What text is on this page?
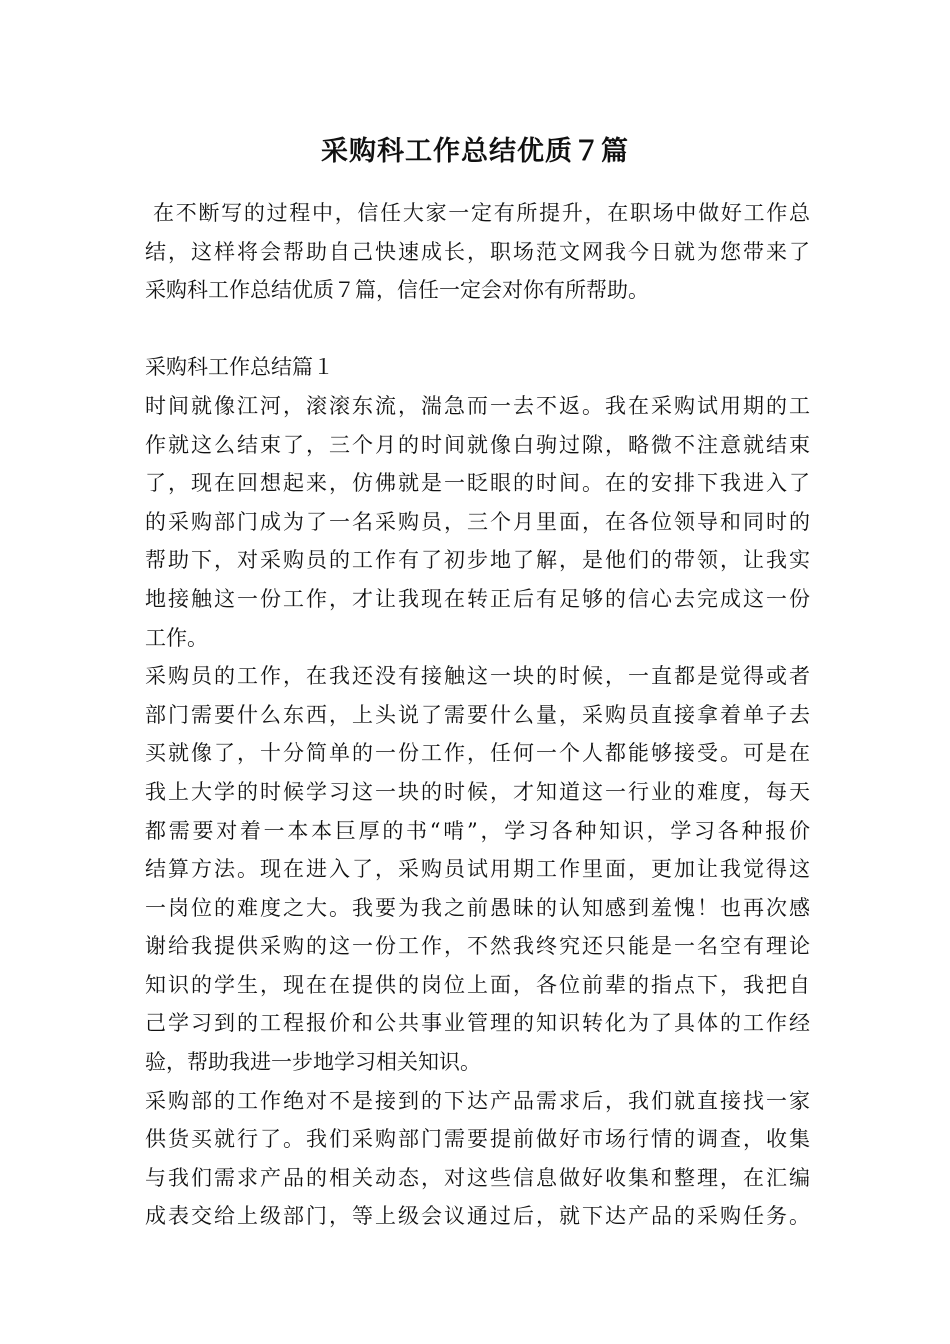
采购科工作总结优质７篇
在不断写的过程中，信任大家一定有所提升，在职场中做好工作总
结，这样将会帮助自己快速成长，职场范文网我今日就为您带来了
采购科工作总结优质７篇，信任一定会对你有所帮助。
采购科工作总结篇１
时间就像江河，滚滚东流，湍急而一去不返。我在采购试用期的工
作就这么结束了，三个月的时间就像白驹过隙，略微不注意就结束
了，现在回想起来，仿佛就是一眨眼的时间。在的安排下我进入了
的采购部门成为了一名采购员，三个月里面，在各位领导和同时的
帮助下，对采购员的工作有了初步地了解，是他们的带领，让我实
地接触这一份工作，才让我现在转正后有足够的信心去完成这一份
工作。
采购员的工作，在我还没有接触这一块的时候，一直都是觉得或者
部门需要什么东西，上头说了需要什么量，采购员直接拿着单子去
买就像了，十分简单的一份工作，任何一个人都能够接受。可是在
我上大学的时候学习这一块的时候，才知道这一行业的难度，每天
都需要对着一本本巨厚的书“啃”，学习各种知识，学习各种报价
结算方法。现在进入了，采购员试用期工作里面，更加让我觉得这
一岗位的难度之大。我要为我之前愚昧的认知感到羞愧！也再次感
谢给我提供采购的这一份工作，不然我终究还只能是一名空有理论
知识的学生，现在在提供的岗位上面，各位前辈的指点下，我把自
己学习到的工程报价和公共事业管理的知识转化为了具体的工作经
验，帮助我进一步地学习相关知识。
采购部的工作绝对不是接到的下达产品需求后，我们就直接找一家
供货买就行了。我们采购部门需要提前做好市场行情的调查，收集
与我们需求产品的相关动态，对这些信息做好收集和整理，在汇编
成表交给上级部门，等上级会议通过后，就下达产品的采购任务。
